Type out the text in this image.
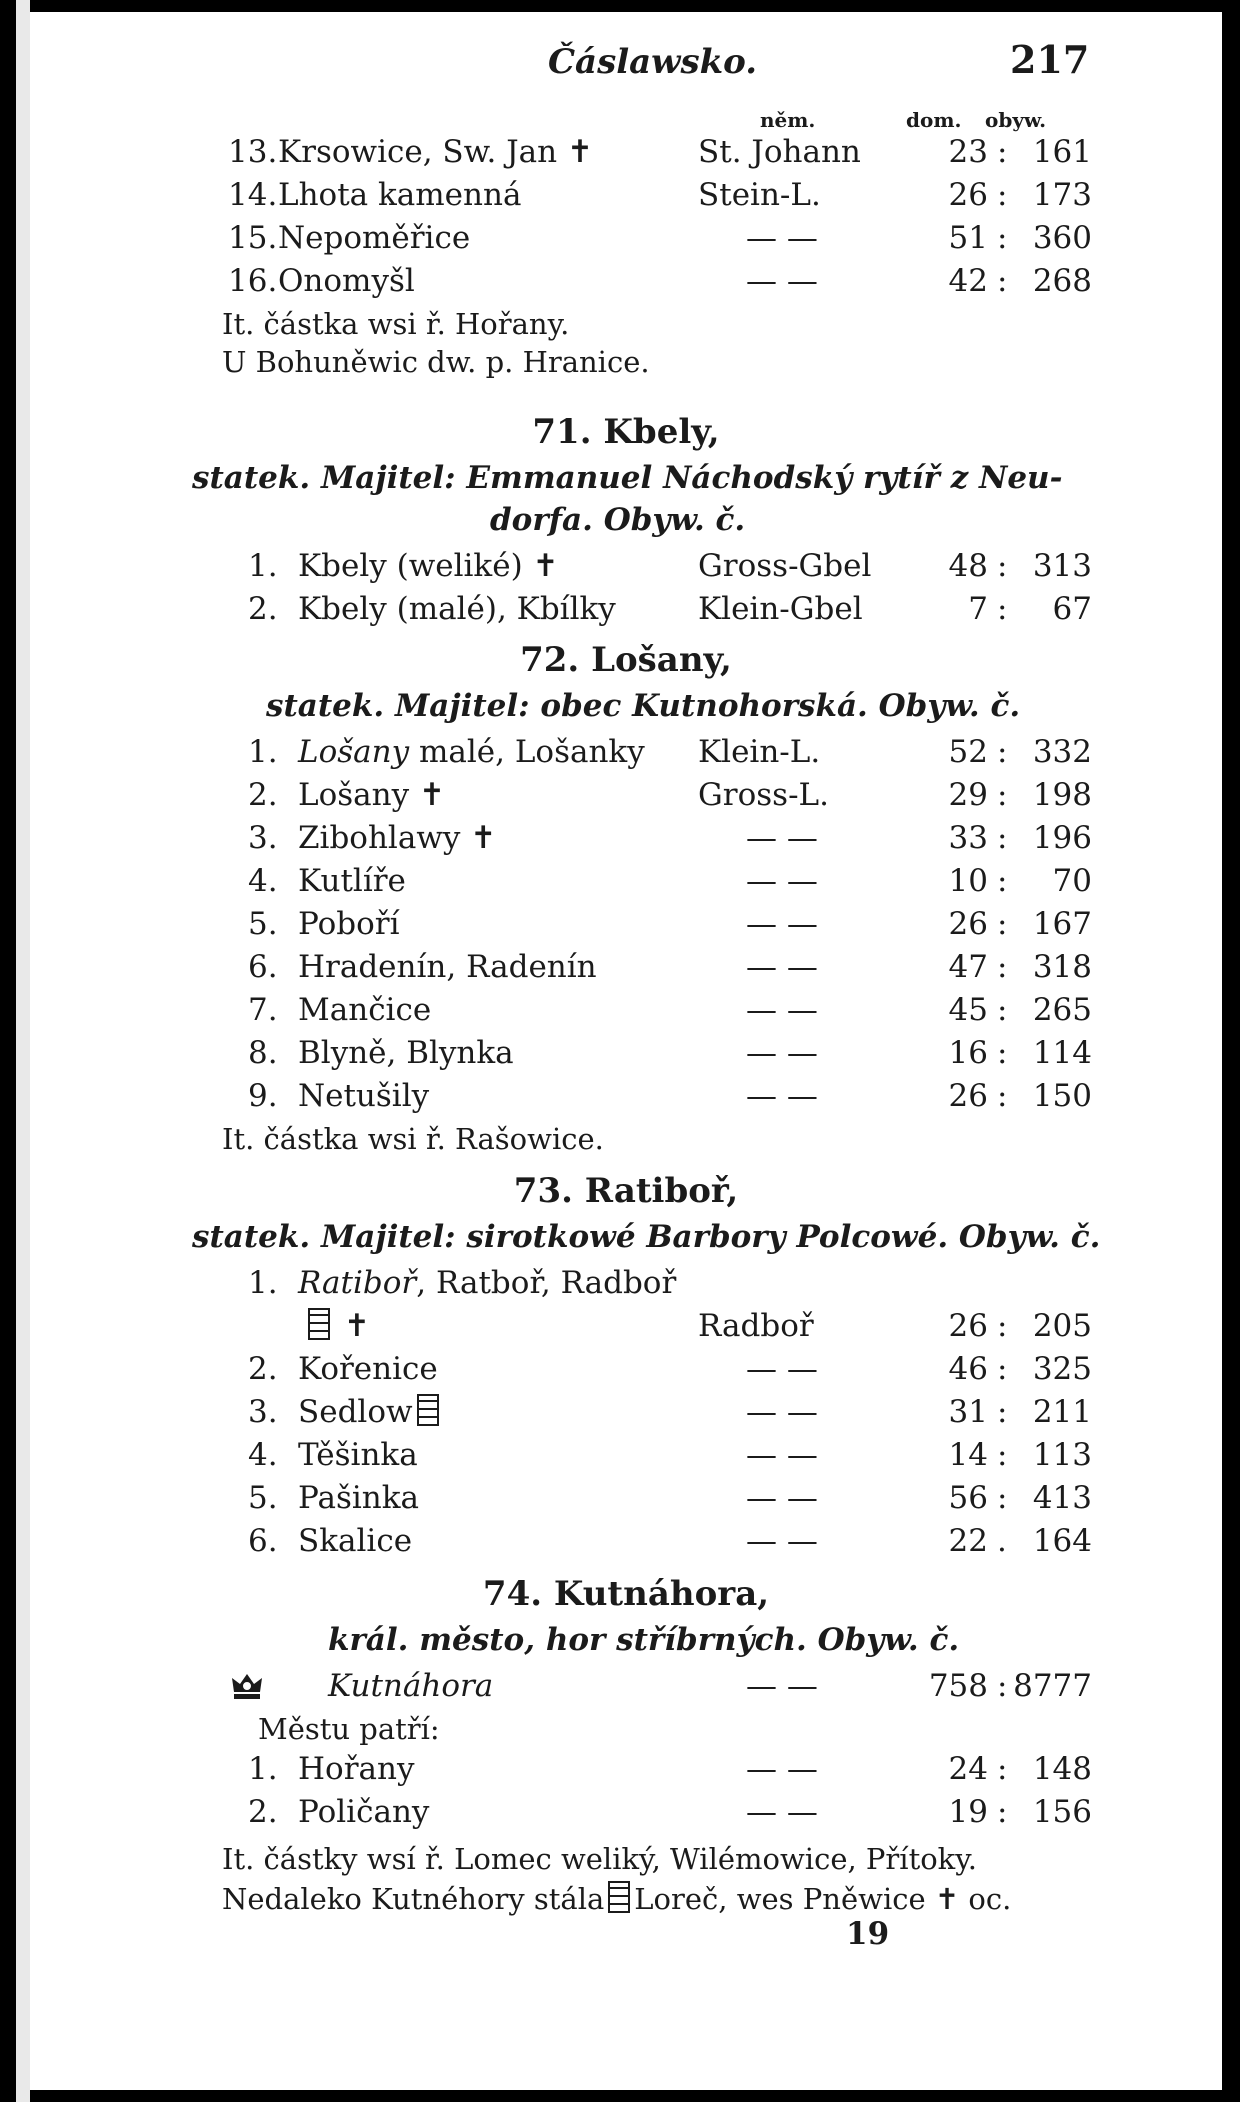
Čáslawsko.	217
něm.	dom. obyw.
13. Krsowice, Sw. Jan ✝	St. Johann	23 : 161
14. Lhota kamenná	Stein-L.	26 : 173
15. Nepoměřice	— —	51 : 360
16. Onomyšl	— —	42 : 268
It. částka wsi ř. Hořany.
U Bohuněwic dw. p. Hranice.
71. Kbely,
statek. Majitel: Emmanuel Náchodský rytíř z Neu-
dorfa. Obyw. č.
1. Kbely (weliké) ✝	Gross-Gbel 48 : 313
2. Kbely (malé), Kbílky	Klein-Gbel	7 : 67
72. Lošany,
statek. Majitel: obec Kutnohorská. Obyw. č.
1. Lošany malé, Lošanky Klein-L.	52 : 332
2. Lošany ✝	Gross-L.	29 : 198
3. Zibohlawy ✝	— —	33 : 196
4. Kutlíře	— —	10 : 70
5. Poboří	— —	26 : 167
6. Hradenín, Radenín	— —	47 : 318
7. Mančice	— —	45 : 265
8. Blyně, Blynka	— —	16 : 114
9. Netušily	— —	26 : 150
It. částka wsi ř. Rašowice.
73. Ratiboř,
statek. Majitel: sirotkowé Barbory Polcowé. Obyw. č.
1. Ratiboř, Ratboř, Radboř
Radboř	26 : 205
✝
2. Kořenice	— —	46 : 325
3. Sedlow	— —	31 : 211
4. Těšinka	— —	14 : 113
5. Pašinka	— —	56 : 413
6. Skalice	— —	22 . 164
74. Kutnáhora,
král. město, hor stříbrných. Obyw. č.
Kutnáhora	— —	758 : 8777
Městu patří:
1. Hořany	— —	24 : 148
2. Poličany	— —	19 : 156
It. částky wsí ř. Lomec weliký, Wilémowice, Přítoky.
Nedaleko Kutnéhory stála Loreč, wes Pněwice ✝ ос.
19
